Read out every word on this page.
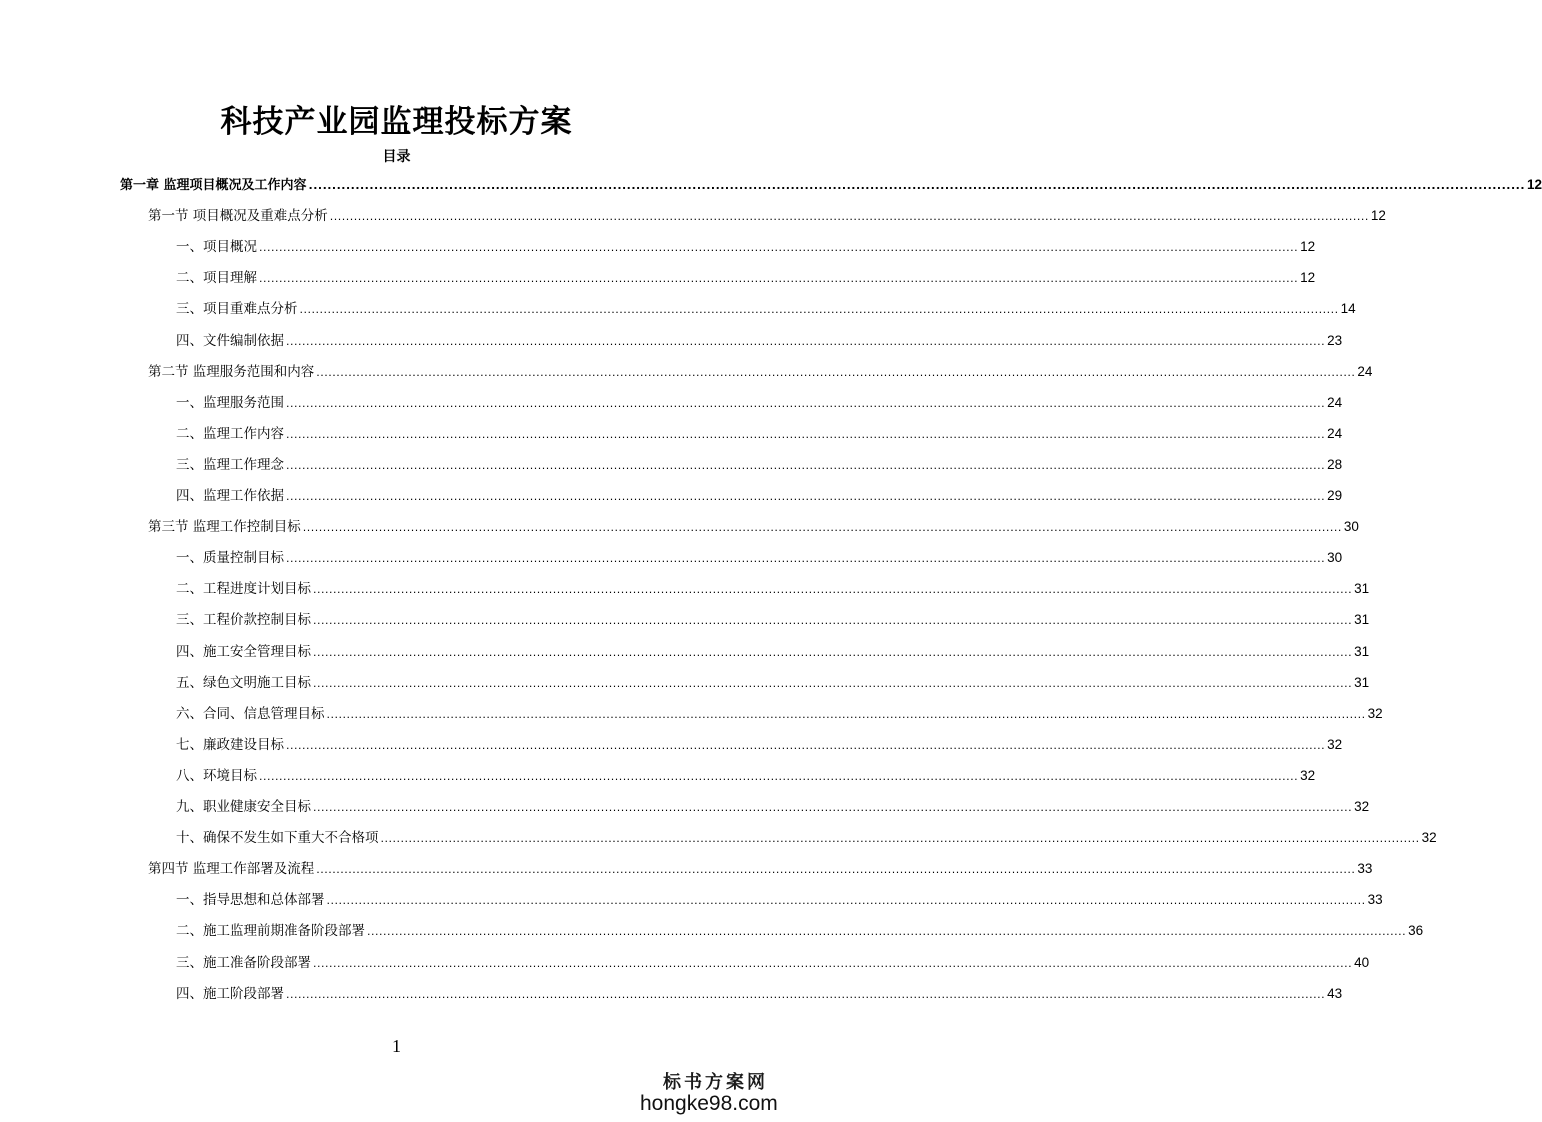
科技产业园监理投标方案
目录
第一章 监理项目概况及工作内容 .................................................................................................................................................................................................................................................................... 12
第一节 项目概况及重难点分析 .................................................................................................................................................................................................................................................................... 12
一、项目概况 .................................................................................................................................................................................................................................................................... 12
二、项目理解 .................................................................................................................................................................................................................................................................... 12
三、项目重难点分析 .................................................................................................................................................................................................................................................................... 14
四、文件编制依据 .................................................................................................................................................................................................................................................................... 23
第二节 监理服务范围和内容 .................................................................................................................................................................................................................................................................... 24
一、监理服务范围 .................................................................................................................................................................................................................................................................... 24
二、监理工作内容 .................................................................................................................................................................................................................................................................... 24
三、监理工作理念 .................................................................................................................................................................................................................................................................... 28
四、监理工作依据 .................................................................................................................................................................................................................................................................... 29
第三节 监理工作控制目标 .................................................................................................................................................................................................................................................................... 30
一、质量控制目标 .................................................................................................................................................................................................................................................................... 30
二、工程进度计划目标 .................................................................................................................................................................................................................................................................... 31
三、工程价款控制目标 .................................................................................................................................................................................................................................................................... 31
四、施工安全管理目标 .................................................................................................................................................................................................................................................................... 31
五、绿色文明施工目标 .................................................................................................................................................................................................................................................................... 31
六、合同、信息管理目标 .................................................................................................................................................................................................................................................................... 32
七、廉政建设目标 .................................................................................................................................................................................................................................................................... 32
八、环境目标 .................................................................................................................................................................................................................................................................... 32
九、职业健康安全目标 .................................................................................................................................................................................................................................................................... 32
十、确保不发生如下重大不合格项 .................................................................................................................................................................................................................................................................... 32
第四节 监理工作部署及流程 .................................................................................................................................................................................................................................................................... 33
一、指导思想和总体部署 .................................................................................................................................................................................................................................................................... 33
二、施工监理前期准备阶段部署 .................................................................................................................................................................................................................................................................... 36
三、施工准备阶段部署 .................................................................................................................................................................................................................................................................... 40
四、施工阶段部署 .................................................................................................................................................................................................................................................................... 43
1
标书方案网
hongke98.com
